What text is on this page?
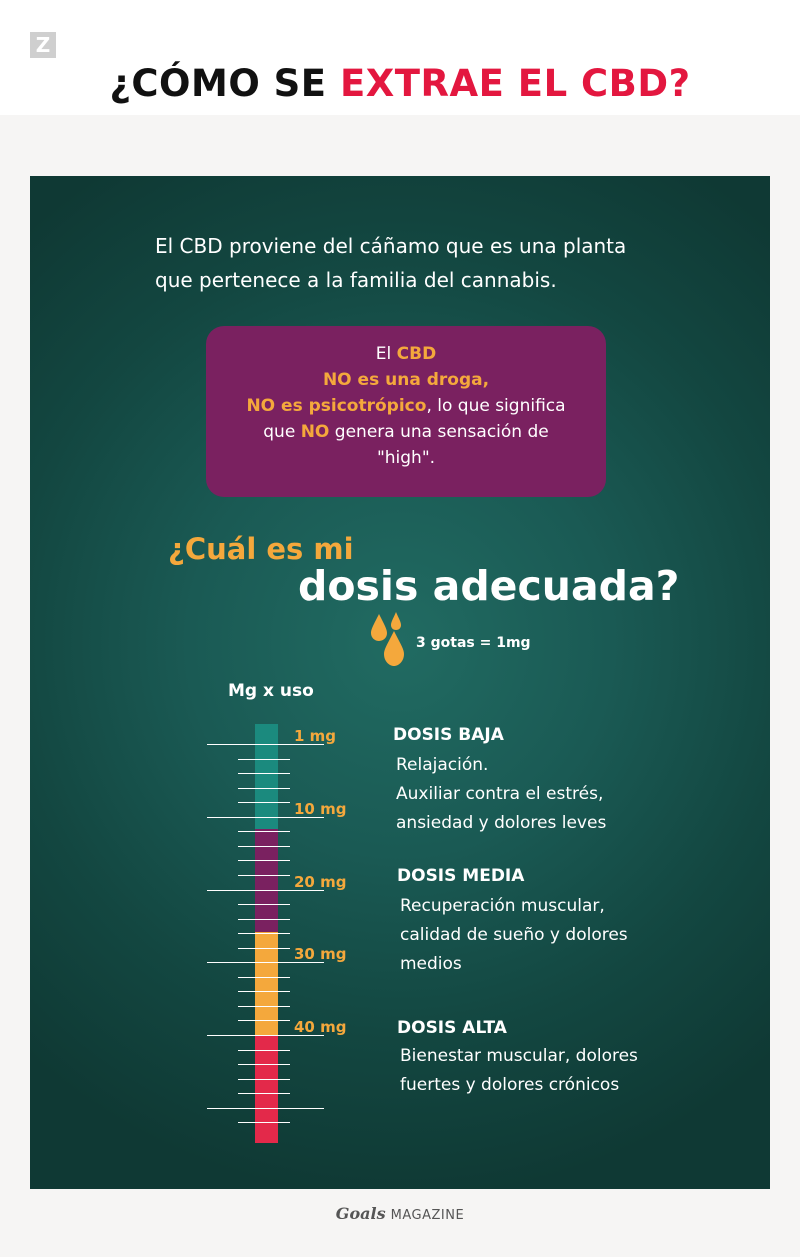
Z
¿CÓMO SE EXTRAE EL CBD?
El CBD proviene del cáñamo que es una planta
que pertenece a la familia del cannabis.
El CBD
NO es una droga,
NO es psicotrópico, lo que significa
que NO genera una sensación de
"high".
¿Cuál es mi
dosis adecuada?
3 gotas = 1mg
Mg x uso
1 mg
10 mg
20 mg
30 mg
40 mg
DOSIS BAJA
Relajación.
Auxiliar contra el estrés,
ansiedad y dolores leves
DOSIS MEDIA
Recuperación muscular,
calidad de sueño y dolores
medios
DOSIS ALTA
Bienestar muscular, dolores
fuertes y dolores crónicos
Goals MAGAZINE
